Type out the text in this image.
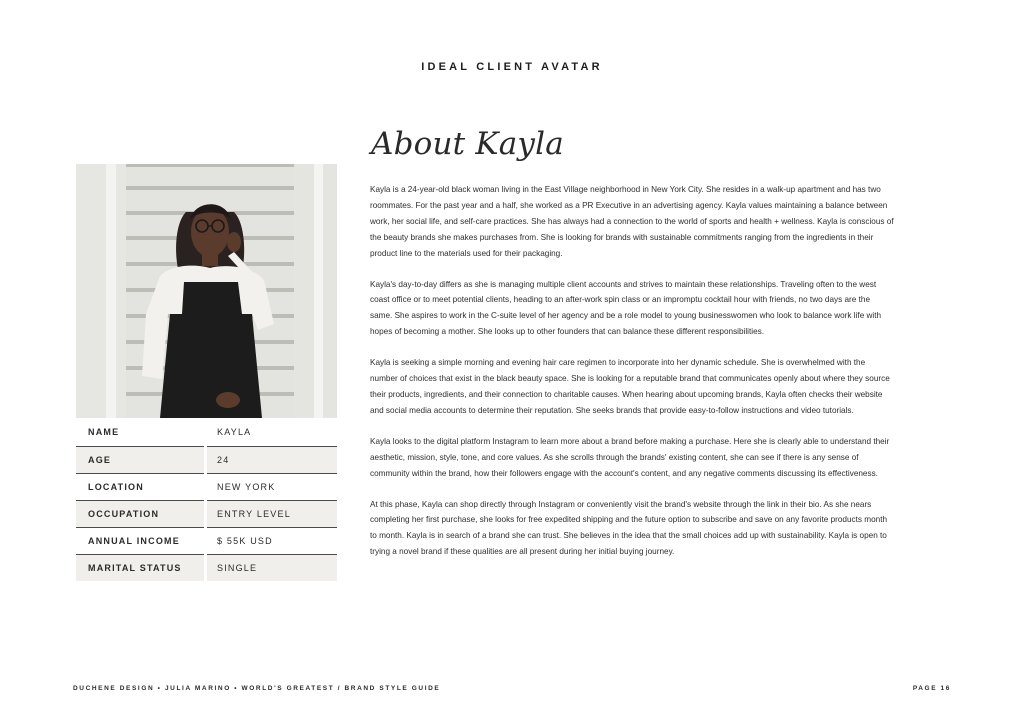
IDEAL CLIENT AVATAR
NAME	KAYLA
AGE	24
LOCATION	NEW YORK
OCCUPATION	ENTRY LEVEL
ANNUAL INCOME	$ 55K USD
MARITAL STATUS	SINGLE
About Kayla

Kayla is a 24-year-old black woman living in the East Village neighborhood in New York City. She resides in a walk-up apartment and has two roommates. For the past year and a half, she worked as a PR Executive in an advertising agency. Kayla values maintaining a balance between work, her social life, and self-care practices. She has always had a connection to the world of sports and health + wellness. Kayla is conscious of the beauty brands she makes purchases from. She is looking for brands with sustainable commitments ranging from the ingredients in their product line to the materials used for their packaging.

Kayla's day-to-day differs as she is managing multiple client accounts and strives to maintain these relationships. Traveling often to the west coast office or to meet potential clients, heading to an after-work spin class or an impromptu cocktail hour with friends, no two days are the same. She aspires to work in the C-suite level of her agency and be a role model to young businesswomen who look to balance work life with hopes of becoming a mother. She looks up to other founders that can balance these different responsibilities.

Kayla is seeking a simple morning and evening hair care regimen to incorporate into her dynamic schedule. She is overwhelmed with the number of choices that exist in the black beauty space. She is looking for a reputable brand that communicates openly about where they source their products, ingredients, and their connection to charitable causes. When hearing about upcoming brands, Kayla often checks their website and social media accounts to determine their reputation. She seeks brands that provide easy-to-follow instructions and video tutorials.

Kayla looks to the digital platform Instagram to learn more about a brand before making a purchase. Here she is clearly able to understand their aesthetic, mission, style, tone, and core values. As she scrolls through the brands' existing content, she can see if there is any sense of community within the brand, how their followers engage with the account's content, and any negative comments discussing its effectiveness.

At this phase, Kayla can shop directly through Instagram or conveniently visit the brand's website through the link in their bio. As she nears completing her first purchase, she looks for free expedited shipping and the future option to subscribe and save on any favorite products month to month. Kayla is in search of a brand she can trust. She believes in the idea that the small choices add up with sustainability. Kayla is open to trying a novel brand if these qualities are all present during her initial buying journey.

DUCHENE DESIGN • JULIA MARINO • WORLD'S GREATEST / BRAND STYLE GUIDE	PAGE 16
